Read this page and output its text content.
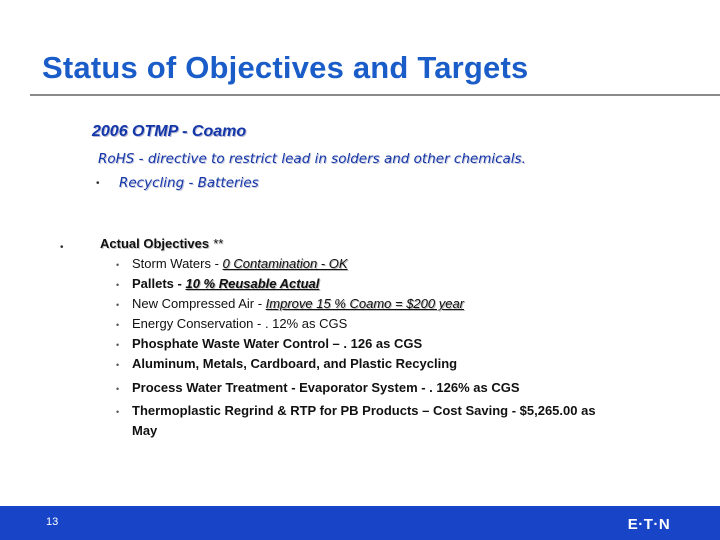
Status of Objectives and Targets
2006 OTMP - Coamo
RoHS - directive to restrict lead in solders and other chemicals.
• Recycling - Batteries
•	Actual Objectives **
• Storm Waters - 0 Contamination - OK
• Pallets - 10 % Reusable Actual
• New Compressed Air - Improve 15 % Coamo = $200 year
• Energy Conservation - . 12% as CGS
• Phosphate Waste Water Control – . 126 as CGS
• Aluminum, Metals, Cardboard, and Plastic Recycling
• Process Water Treatment - Evaporator System - . 126% as CGS
• Thermoplastic Regrind & RTP for PB Products – Cost Saving - $5,265.00 as May
13	E·T·N
